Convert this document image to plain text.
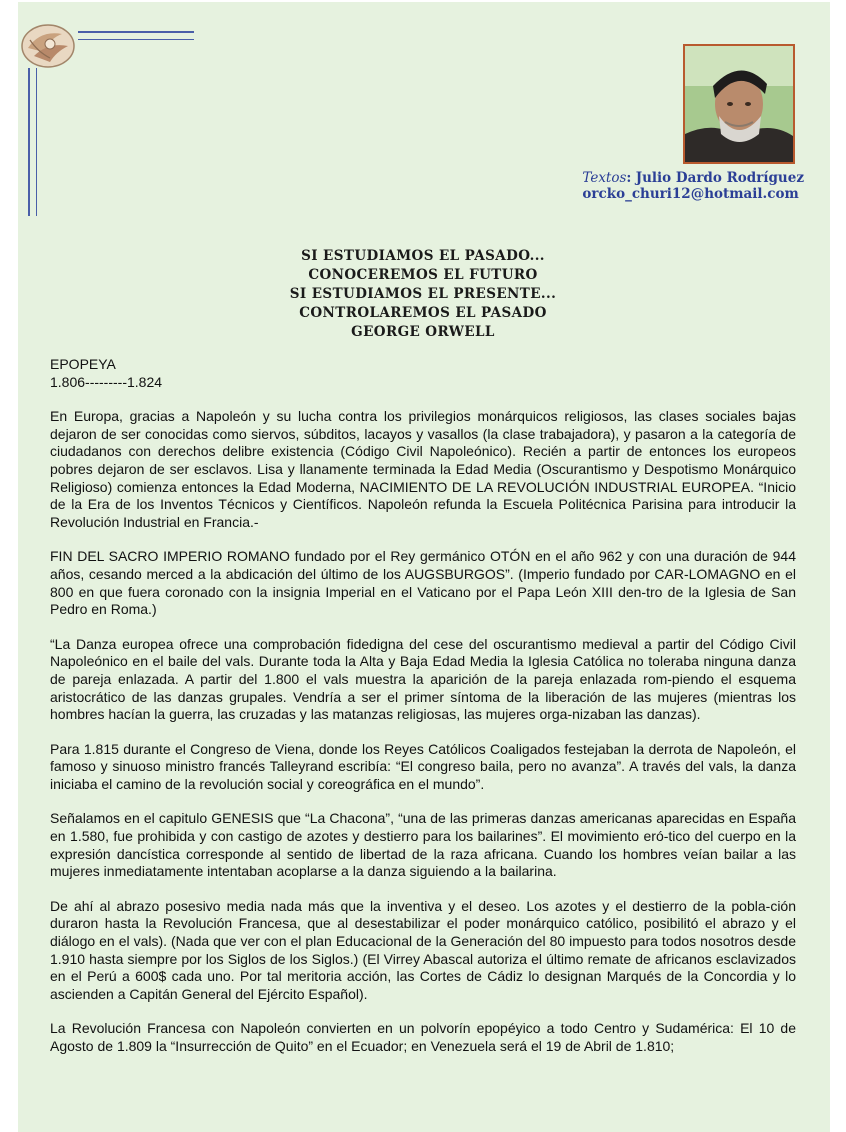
Textos: Julio Dardo Rodríguez
orcko_churi12@hotmail.com
SI ESTUDIAMOS EL PASADO...
CONOCEREMOS EL FUTURO
SI ESTUDIAMOS EL PRESENTE...
CONTROLAREMOS EL PASADO
GEORGE ORWELL
EPOPEYA
1.806---------1.824

En Europa, gracias a Napoleón y su lucha contra los privilegios monárquicos religiosos, las clases sociales bajas dejaron de ser conocidas como siervos, súbditos, lacayos y vasallos (la clase trabajadora), y pasaron a la categoría de ciudadanos con derechos delibre existencia (Código Civil Napoleónico). Recién a partir de entonces los europeos pobres dejaron de ser esclavos. Lisa y llanamente terminada la Edad Media (Oscurantismo y Despotismo Monárquico Religioso) comienza entonces la Edad Moderna, NACIMIENTO DE LA REVOLUCIÓN INDUSTRIAL EUROPEA. “Inicio de la Era de los Inventos Técnicos y Científicos. Napoleón refunda la Escuela Politécnica Parisina para introducir la Revolución Industrial en Francia.-

FIN DEL SACRO IMPERIO ROMANO fundado por el Rey germánico OTÓN en el año 962 y con una duración de 944 años, cesando merced a la abdicación del último de los AUGSBURGOS”. (Imperio fundado por CAR-LOMAGNO en el 800 en que fuera coronado con la insignia Imperial en el Vaticano por el Papa León XIII den-tro de la Iglesia de San Pedro en Roma.)

“La Danza europea ofrece una comprobación fidedigna del cese del oscurantismo medieval a partir del Código Civil Napoleónico en el baile del vals. Durante toda la Alta y Baja Edad Media la Iglesia Católica no toleraba ninguna danza de pareja enlazada. A partir del 1.800 el vals muestra la aparición de la pareja enlazada rom-piendo el esquema aristocrático de las danzas grupales. Vendría a ser el primer síntoma de la liberación de las mujeres (mientras los hombres hacían la guerra, las cruzadas y las matanzas religiosas, las mujeres orga-nizaban las danzas).

Para 1.815 durante el Congreso de Viena, donde los Reyes Católicos Coaligados festejaban la derrota de Napoleón, el famoso y sinuoso ministro francés Talleyrand escribía: “El congreso baila, pero no avanza”. A través del vals, la danza iniciaba el camino de la revolución social y coreográfica en el mundo”.

Señalamos en el capitulo GENESIS que “La Chacona”, “una de las primeras danzas americanas aparecidas en España en 1.580, fue prohibida y con castigo de azotes y destierro para los bailarines”. El movimiento eró-tico del cuerpo en la expresión dancística corresponde al sentido de libertad de la raza africana. Cuando los hombres veían bailar a las mujeres inmediatamente intentaban acoplarse a la danza siguiendo a la bailarina.

De ahí al abrazo posesivo media nada más que la inventiva y el deseo. Los azotes y el destierro de la pobla-ción duraron hasta la Revolución Francesa, que al desestabilizar el poder monárquico católico, posibilitó el abrazo y el diálogo en el vals). (Nada que ver con el plan Educacional de la Generación del 80 impuesto para todos nosotros desde 1.910 hasta siempre por los Siglos de los Siglos.) (El Virrey Abascal autoriza el último remate de africanos esclavizados en el Perú a 600$ cada uno. Por tal meritoria acción, las Cortes de Cádiz lo designan Marqués de la Concordia y lo ascienden a Capitán General del Ejército Español).

La Revolución Francesa con Napoleón convierten en un polvorín epopéyico a todo Centro y Sudamérica: El 10 de Agosto de 1.809 la “Insurrección de Quito” en el Ecuador; en Venezuela será el 19 de Abril de 1.810;
